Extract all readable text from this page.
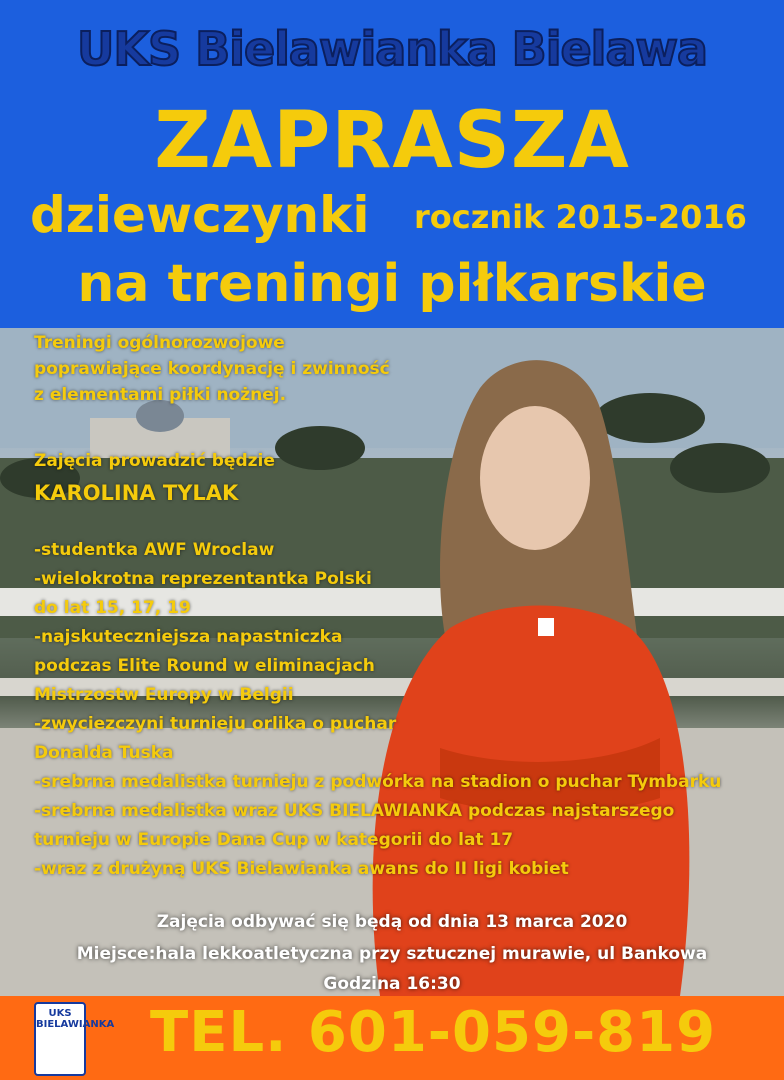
UKS Bielawianka Bielawa
ZAPRASZA
dziewczynki rocznik 2015-2016
na treningi piłkarskie
Treningi ogólnorozwojowe
poprawiające koordynację i zwinność
z elementami piłki nożnej.
Zajęcia prowadzić będzie
KAROLINA TYLAK
-studentka AWF Wroclaw
-wielokrotna reprezentantka Polski
do lat 15, 17, 19
-najskuteczniejsza napastniczka
podczas Elite Round w eliminacjach
Mistrzostw Europy w Belgii
-zwyciezczyni turnieju orlika o puchar
Donalda Tuska
-srebrna medalistka turnieju z podwórka na stadion o puchar Tymbarku
-srebrna medalistka wraz UKS BIELAWIANKA podczas najstarszego
turnieju w Europie Dana Cup w kategorii do lat 17
-wraz z drużyną UKS Bielawianka awans do II ligi kobiet
Zajęcia odbywać się będą od dnia 13 marca 2020
Miejsce:hala lekkoatletyczna przy sztucznej murawie, ul Bankowa
Godzina 16:30
UKS BIELAWIANKA TEL. 601-059-819
